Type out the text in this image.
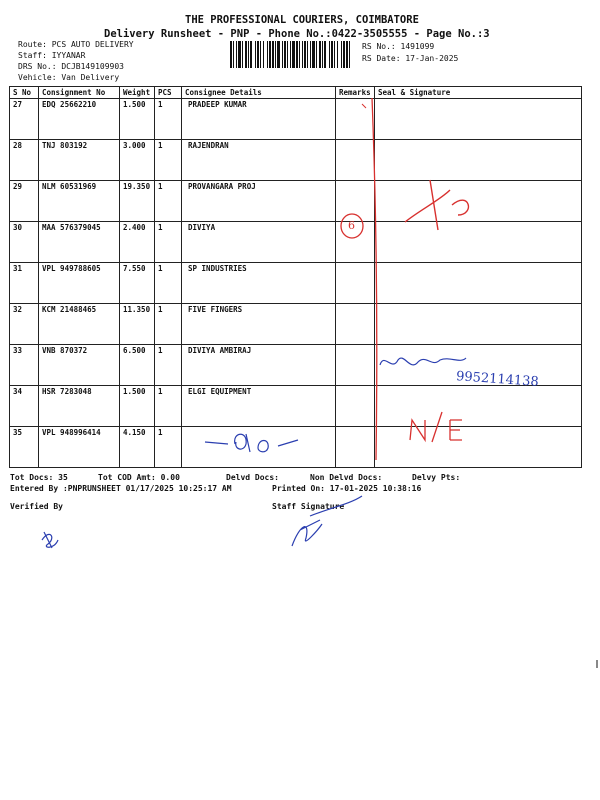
THE PROFESSIONAL COURIERS, COIMBATORE
Delivery Runsheet - PNP - Phone No.:0422-3505555 - Page No.:3
Route: PCS AUTO DELIVERY
Staff: IYYANAR
DRS No.: DCJB149109903
Vehicle: Van Delivery
RS No.: 1491099
RS Date: 17-Jan-2025
S No	Consignment No	Weight	PCS	Consignee Details	Remarks	Seal & Signature
27	EDQ 25662210	1.500	1	PRADEEP KUMAR		
28	TNJ 803192	3.000	1	RAJENDRAN		
29	NLM 60531969	19.350	1	PROVANGARA PROJ		
30	MAA 576379045	2.400	1	DIVIYA		
31	VPL 949788605	7.550	1	SP INDUSTRIES		
32	KCM 21488465	11.350	1	FIVE FINGERS		
33	VNB 870372	6.500	1	DIVIYA AMBIRAJ		
34	HSR 7283048	1.500	1	ELGI EQUIPMENT		
35	VPL 948996414	4.150	1			
Tot Docs: 35	Tot COD Amt: 0.00	Delvd Docs:	Non Delvd Docs:	Delvy Pts:
Entered By :PNPRUNSHEET 01/17/2025 10:25:17 AM	Printed On: 17-01-2025 10:38:16
Verified By	Staff Signature
9952114138
6
